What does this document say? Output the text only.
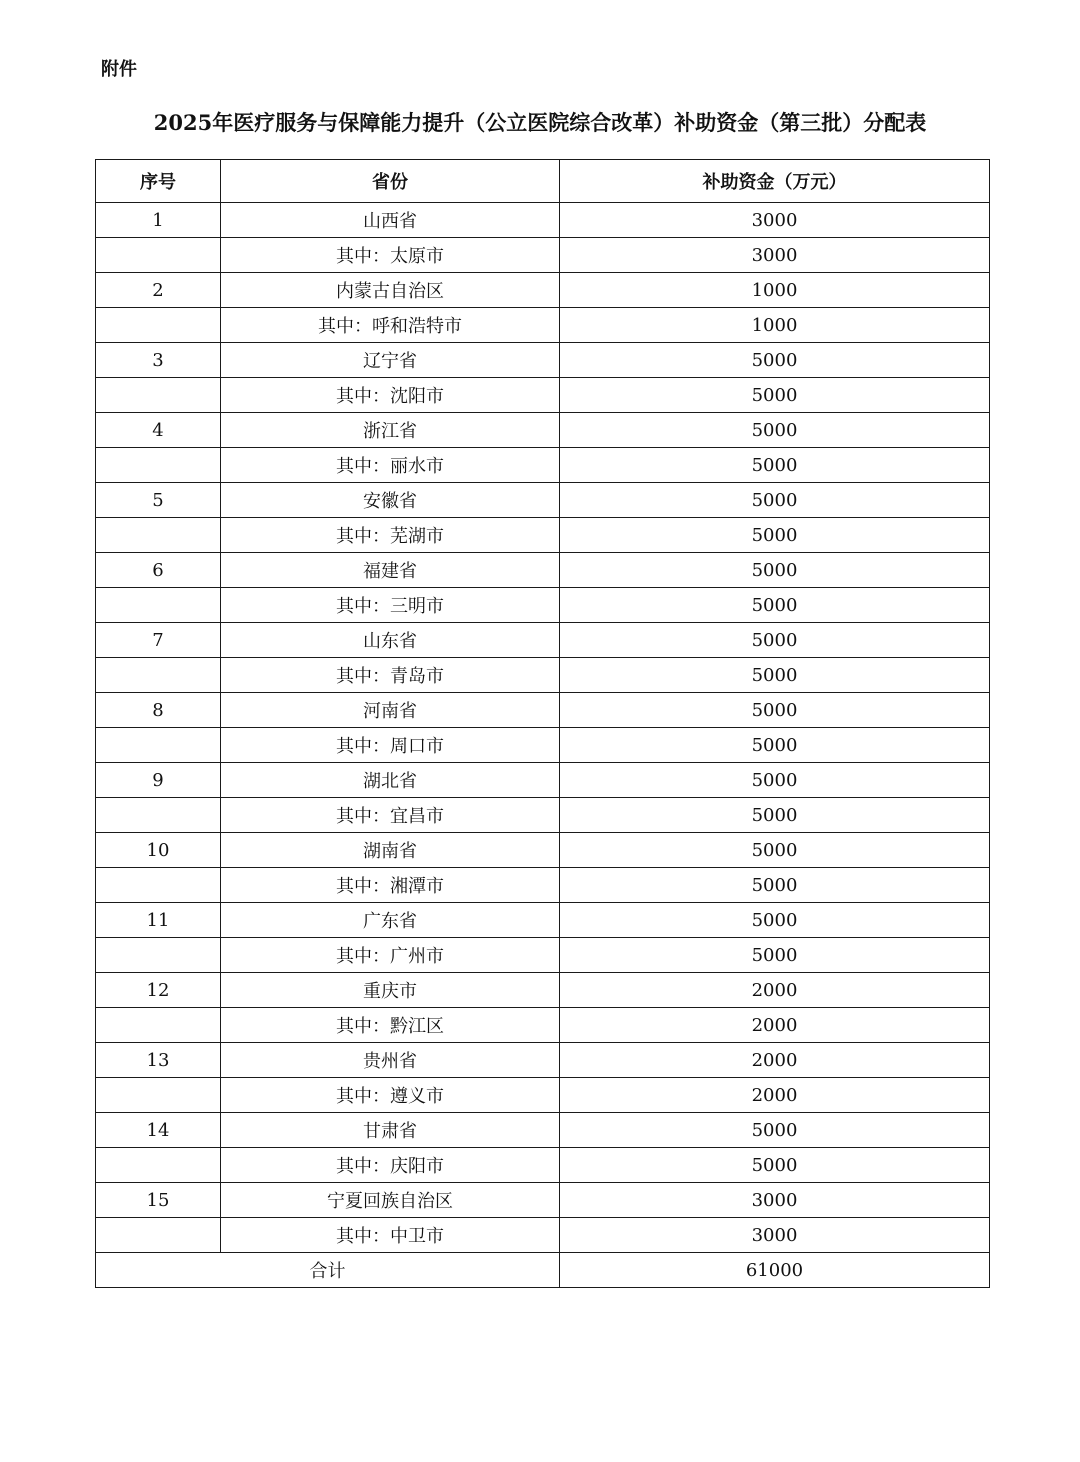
附件
2025年医疗服务与保障能力提升（公立医院综合改革）补助资金（第三批）分配表
序号	省份	补助资金（万元）
1	山西省	3000
	其中：太原市	3000
2	内蒙古自治区	1000
	其中：呼和浩特市	1000
3	辽宁省	5000
	其中：沈阳市	5000
4	浙江省	5000
	其中：丽水市	5000
5	安徽省	5000
	其中：芜湖市	5000
6	福建省	5000
	其中：三明市	5000
7	山东省	5000
	其中：青岛市	5000
8	河南省	5000
	其中：周口市	5000
9	湖北省	5000
	其中：宜昌市	5000
10	湖南省	5000
	其中：湘潭市	5000
11	广东省	5000
	其中：广州市	5000
12	重庆市	2000
	其中：黔江区	2000
13	贵州省	2000
	其中：遵义市	2000
14	甘肃省	5000
	其中：庆阳市	5000
15	宁夏回族自治区	3000
	其中：中卫市	3000
合计		61000
